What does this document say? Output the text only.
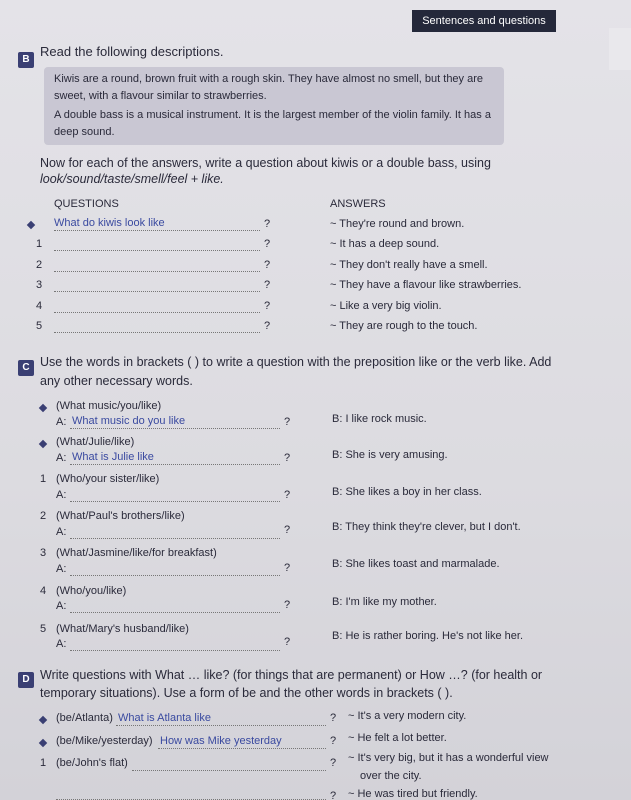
Sentences and questions
B
Read the following descriptions.
Kiwis are a round, brown fruit with a rough skin. They have almost no smell, but they are
sweet, with a flavour similar to strawberries.
A double bass is a musical instrument. It is the largest member of the violin family. It has a
deep sound.
Now for each of the answers, write a question about kiwis or a double bass, using
look/sound/taste/smell/feel + like.
QUESTIONS	ANSWERS
What do kiwis look like	?	~ They're round and brown.
1	?	~ It has a deep sound.
2	?	~ They don't really have a smell.
3	?	~ They have a flavour like strawberries.
4	?	~ Like a very big violin.
5	?	~ They are rough to the touch.
C Use the words in brackets ( ) to write a question with the preposition like or the verb like. Add
any other necessary words.
(What music/you/like)
A: What music do you like	?	B: I like rock music.
(What/Julie/like)
A: What is Julie like	?	B: She is very amusing.
1 (Who/your sister/like)
A:	?	B: She likes a boy in her class.
2 (What/Paul's brothers/like)
A:	?	B: They think they're clever, but I don't.
3 (What/Jasmine/like/for breakfast)
A:	?	B: She likes toast and marmalade.
4 (Who/you/like)
A:	?	B: I'm like my mother.
5 (What/Mary's husband/like)
A:	?	B: He is rather boring. He's not like her.
D Write questions with What … like? (for things that are permanent) or How …? (for health or
temporary situations). Use a form of be and the other words in brackets ( ).
(be/Atlanta) What is Atlanta like	? ~ It's a very modern city.
(be/Mike/yesterday) How was Mike yesterday	? ~ He felt a lot better.
1 (be/John's flat)	? ~ It's very big, but it has a wonderful view
over the city.
? ~ He was tired but friendly.
